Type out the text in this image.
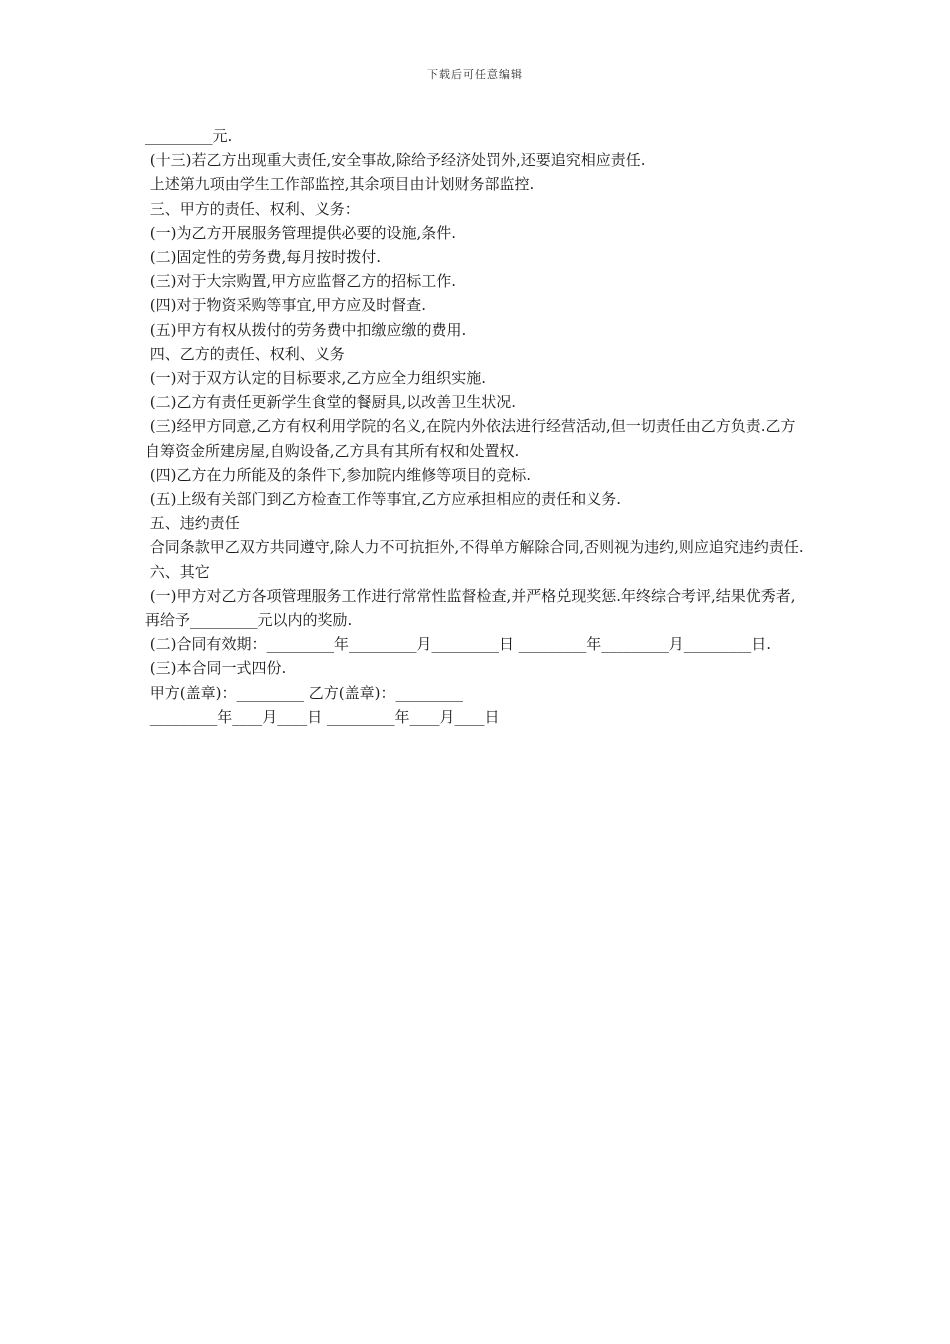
下载后可任意编辑

_________元.

(十三)若乙方出现重大责任,安全事故,除给予经济处罚外,还要追究相应责任.

上述第九项由学生工作部监控,其余项目由计划财务部监控.

三、甲方的责任、权利、义务：

(一)为乙方开展服务管理提供必要的设施,条件.

(二)固定性的劳务费,每月按时拨付.

(三)对于大宗购置,甲方应监督乙方的招标工作.

(四)对于物资采购等事宜,甲方应及时督查.

(五)甲方有权从拨付的劳务费中扣缴应缴的费用.

四、乙方的责任、权利、义务

(一)对于双方认定的目标要求,乙方应全力组织实施.

(二)乙方有责任更新学生食堂的餐厨具,以改善卫生状况.

(三)经甲方同意,乙方有权利用学院的名义,在院内外依法进行经营活动,但一切责任由乙方负责.乙方自筹资金所建房屋,自购设备,乙方具有其所有权和处置权.

(四)乙方在力所能及的条件下,参加院内维修等项目的竞标.

(五)上级有关部门到乙方检查工作等事宜,乙方应承担相应的责任和义务.

五、违约责任

合同条款甲乙双方共同遵守,除人力不可抗拒外,不得单方解除合同,否则视为违约,则应追究违约责任.

六、其它

(一)甲方对乙方各项管理服务工作进行常常性监督检查,并严格兑现奖惩.年终综合考评,结果优秀者,再给予_________元以内的奖励.

(二)合同有效期：_________年_________月_________日 _________年_________月_________日.

(三)本合同一式四份.

甲方(盖章)：_________ 乙方(盖章)：_________

_________年____月____日 _________年____月____日
